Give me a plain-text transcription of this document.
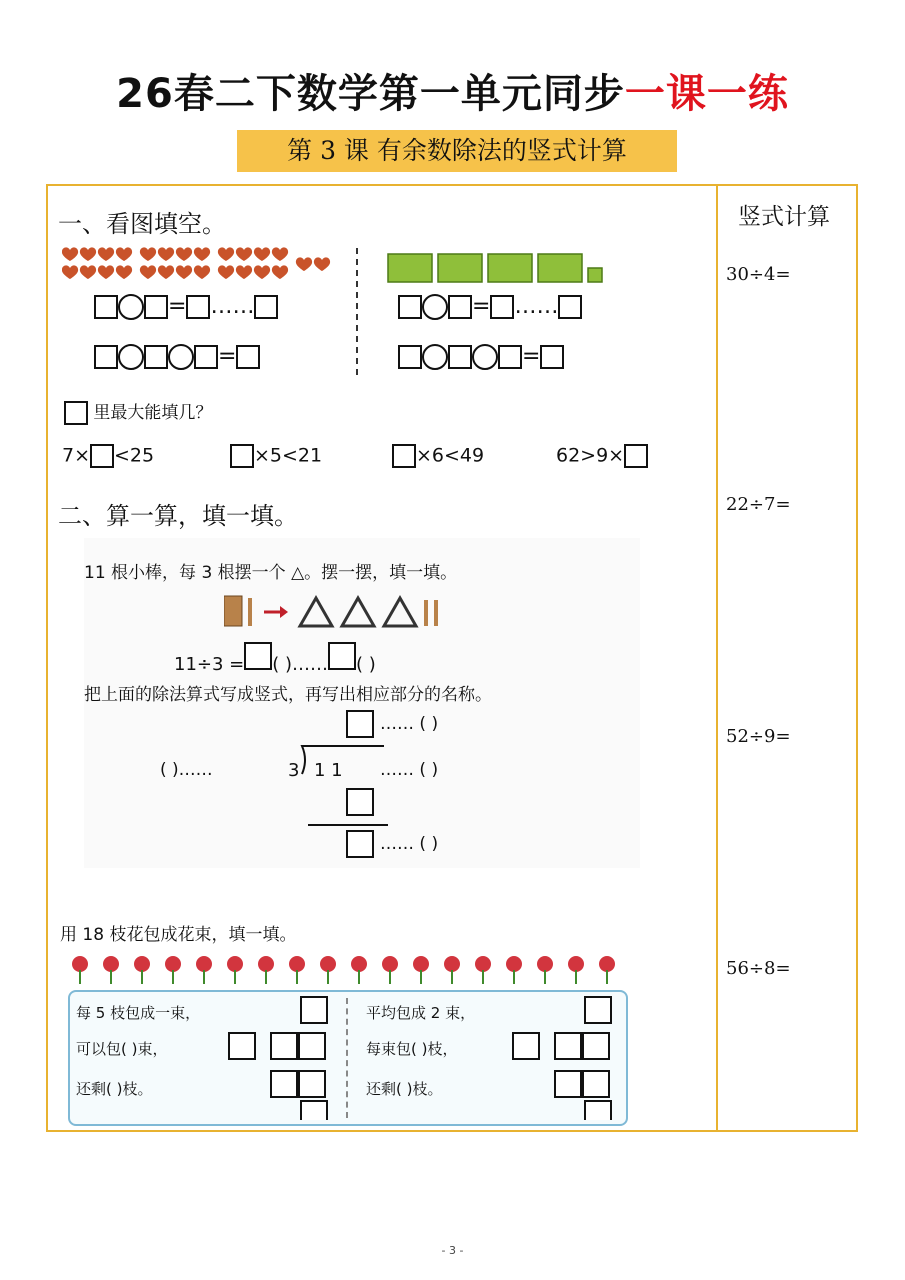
26春二下数学第一单元同步一课一练
第 3 课 有余数除法的竖式计算
竖式计算
30÷4=
22÷7=
52÷9=
56÷8=
一、看图填空。
= ……
=
= ……
=
里最大能填几？
7× <25	×5<21	×6<49	62>9×
二、算一算，填一填。
11 根小棒，每 3 根摆一个 △。摆一摆，填一填。
11÷3 = ( )…… ( )
把上面的除法算式写成竖式，再写出相应部分的名称。
…… ( )
( )……	3 1 1 …… ( )
…… ( )
用 18 枝花包成花束，填一填。
每 5 枝包成一束，
可以包( )束，
还剩( )枝。
平均包成 2 束，
每束包( )枝，
还剩( )枝。
- 3 -
